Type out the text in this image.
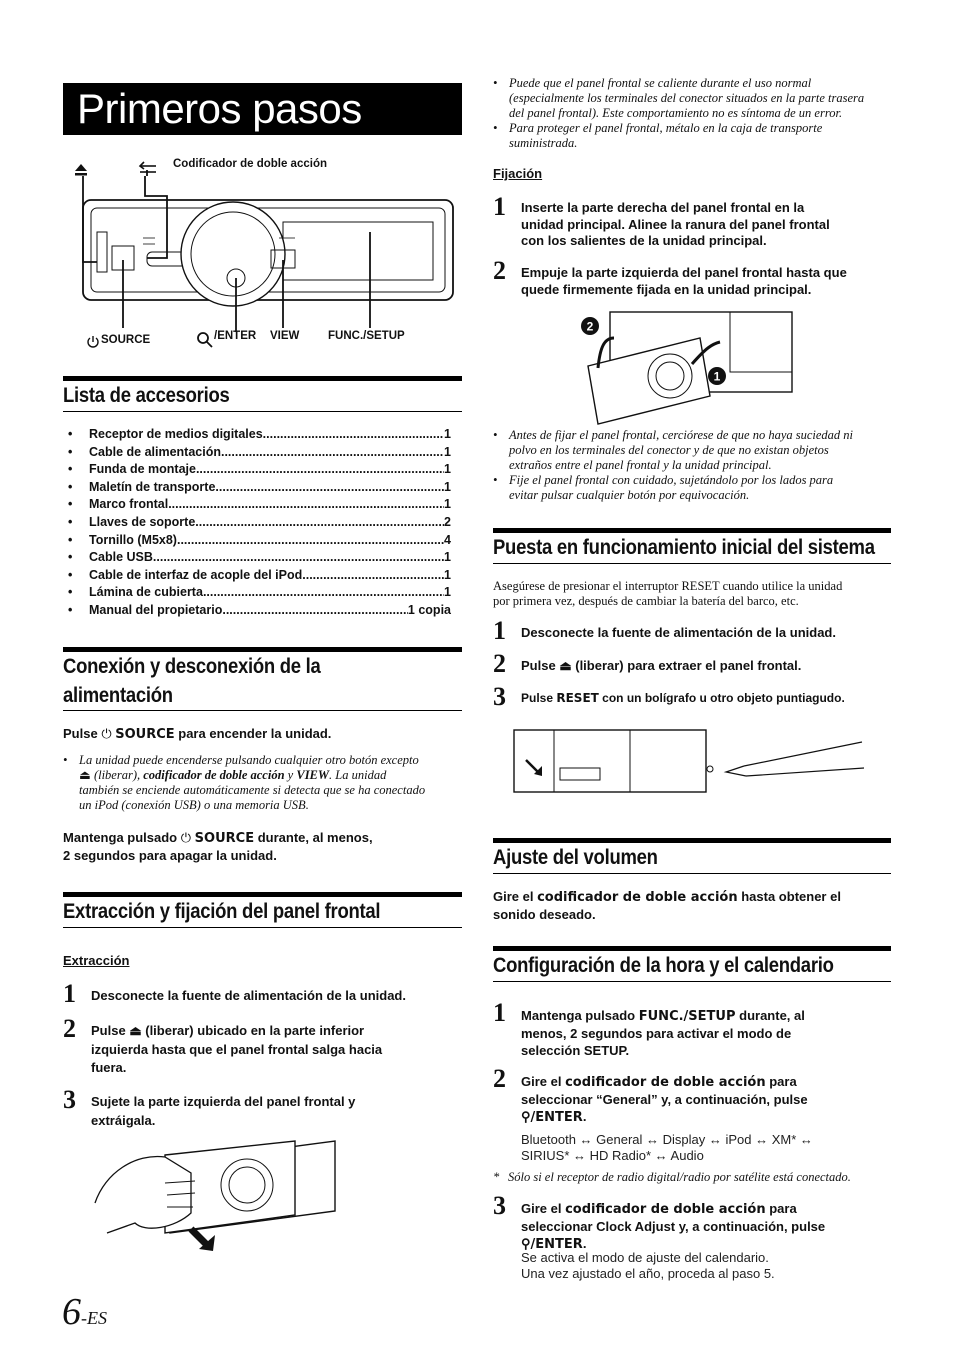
Primeros pasos
Codificador de doble acción
SOURCE	/ENTER VIEW FUNC./SETUP
Lista de accesorios
•	Receptor de medios digitales .....	1
•	Cable de alimentación .....	1
•	Funda de montaje .....	1
•	Maletín de transporte .....	1
•	Marco frontal .....	1
•	Llaves de soporte .....	2
•	Tornillo (M5x8) .....	4
•	Cable USB .....	1
•	Cable de interfaz de acople del iPod .....	1
•	Lámina de cubierta .....	1
•	Manual del propietario .....	1 copia
Conexión y desconexión de la
alimentación
Pulse ⏻ SOURCE para encender la unidad.
• La unidad puede encenderse pulsando cualquier otro botón excepto
⏏ (liberar), codificador de doble acción y VIEW. La unidad
también se enciende automáticamente si detecta que se ha conectado
un iPod (conexión USB) o una memoria USB.
Mantenga pulsado ⏻ SOURCE durante, al menos,
2 segundos para apagar la unidad.
Extracción y fijación del panel frontal
Extracción
1 Desconecte la fuente de alimentación de la unidad.
2 Pulse ⏏ (liberar) ubicado en la parte inferior
izquierda hasta que el panel frontal salga hacia
fuera.
3 Sujete la parte izquierda del panel frontal y
extráigala.
• Puede que el panel frontal se caliente durante el uso normal
(especialmente los terminales del conector situados en la parte trasera
del panel frontal). Este comportamiento no es síntoma de un error.
• Para proteger el panel frontal, métalo en la caja de transporte
suministrada.
Fijación
1 Inserte la parte derecha del panel frontal en la
unidad principal. Alinee la ranura del panel frontal
con los salientes de la unidad principal.
2 Empuje la parte izquierda del panel frontal hasta que
quede firmemente fijada en la unidad principal.
2
1
• Antes de fijar el panel frontal, cerciórese de que no haya suciedad ni
polvo en los terminales del conector y de que no existan objetos
extraños entre el panel frontal y la unidad principal.
• Fije el panel frontal con cuidado, sujetándolo por los lados para
evitar pulsar cualquier botón por equivocación.
Puesta en funcionamiento inicial del sistema
Asegúrese de presionar el interruptor RESET cuando utilice la unidad
por primera vez, después de cambiar la batería del barco, etc.
1 Desconecte la fuente de alimentación de la unidad.
2 Pulse ⏏ (liberar) para extraer el panel frontal.
3 Pulse RESET con un bolígrafo u otro objeto puntiagudo.
Ajuste del volumen
Gire el codificador de doble acción hasta obtener el
sonido deseado.
Configuración de la hora y el calendario
1 Mantenga pulsado FUNC./SETUP durante, al
menos, 2 segundos para activar el modo de
selección SETUP.
2 Gire el codificador de doble acción para
seleccionar “General” y, a continuación, pulse
⚲/ENTER.
Bluetooth ↔ General ↔ Display ↔ iPod ↔ XM* ↔
SIRIUS* ↔ HD Radio* ↔ Audio
* Sólo si el receptor de radio digital/radio por satélite está conectado.
3 Gire el codificador de doble acción para
seleccionar Clock Adjust y, a continuación, pulse
⚲/ENTER.
Se activa el modo de ajuste del calendario.
Una vez ajustado el año, proceda al paso 5.
6-ES
